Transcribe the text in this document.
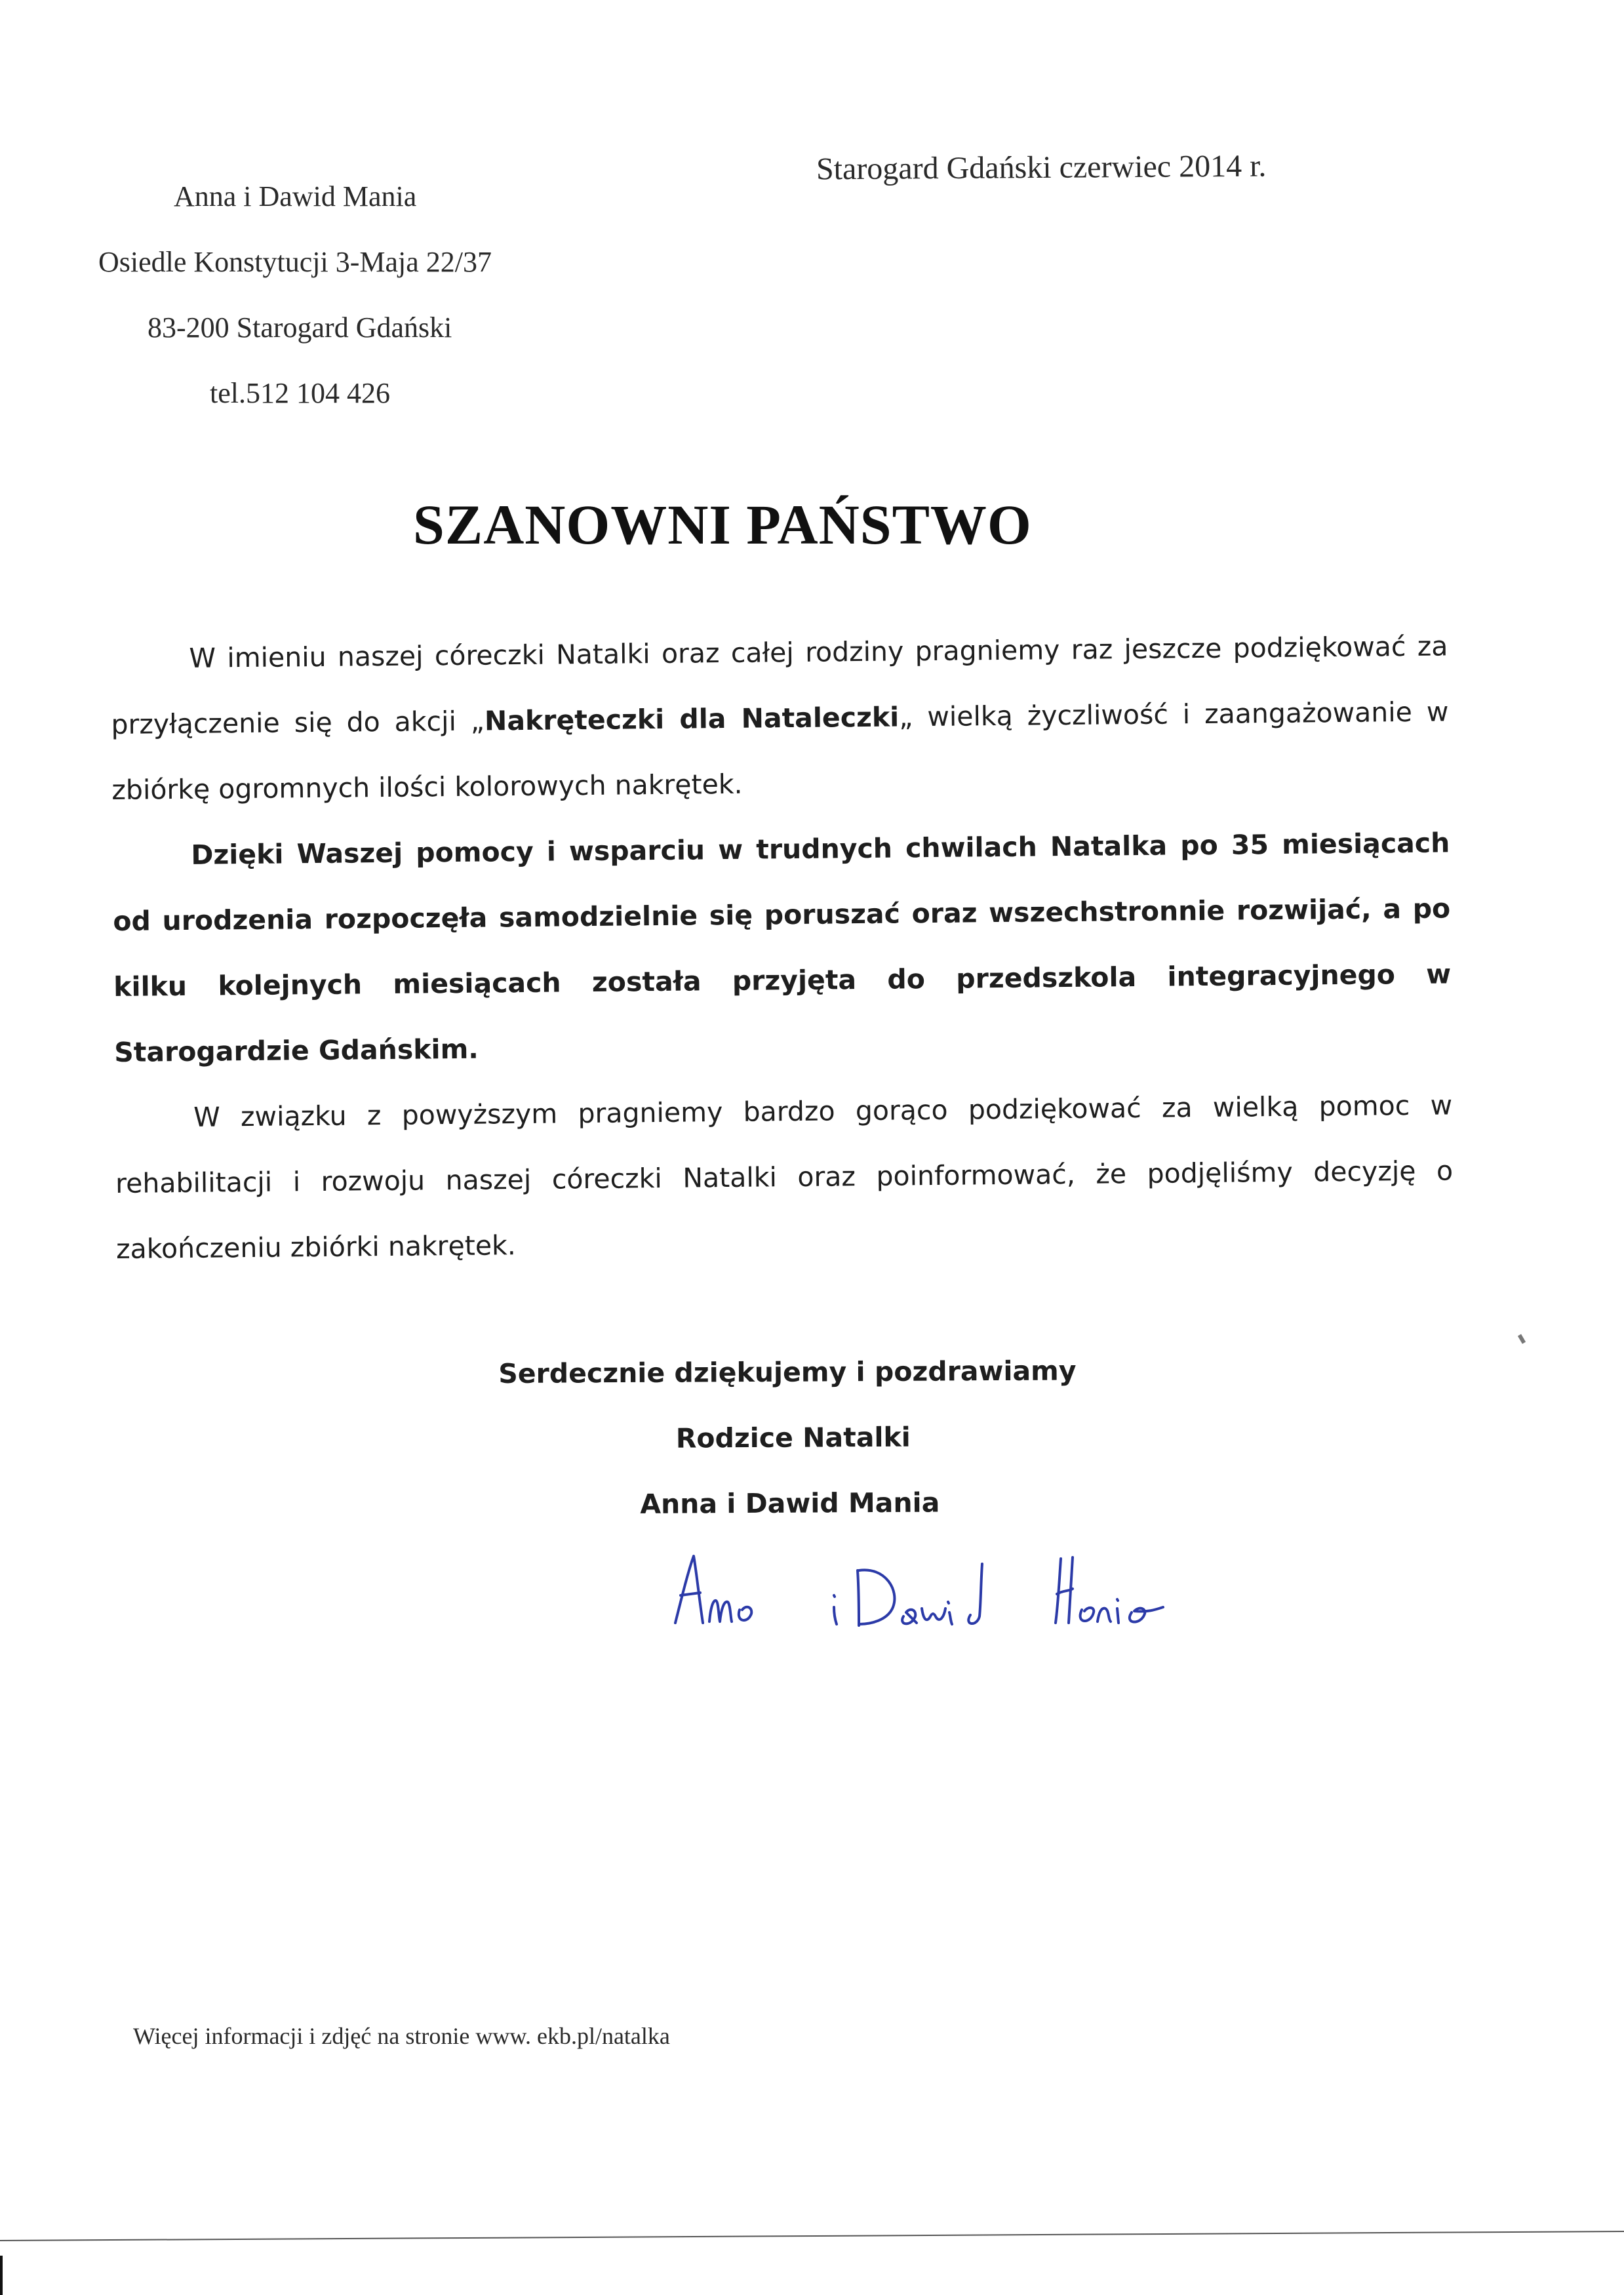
Anna i Dawid Mania
Osiedle Konstytucji 3-Maja 22/37
83-200 Starogard Gdański
tel.512 104 426
Starogard Gdański czerwiec 2014 r.
SZANOWNI PAŃSTWO

W imieniu naszej córeczki Natalki oraz całej rodziny pragniemy raz jeszcze podziękować za przyłączenie się do akcji „Nakręteczki dla Nataleczki„ wielką życzliwość i zaangażowanie w zbiórkę ogromnych ilości kolorowych nakrętek.

Dzięki Waszej pomocy i wsparciu w trudnych chwilach Natalka po 35 miesiącach od urodzenia rozpoczęła samodzielnie się poruszać oraz wszechstronnie rozwijać, a po kilku kolejnych miesiącach została przyjęta do przedszkola integracyjnego w Starogardzie Gdańskim.

W związku z powyższym pragniemy bardzo gorąco podziękować za wielką pomoc w rehabilitacji i rozwoju naszej córeczki Natalki oraz poinformować, że podjęliśmy decyzję o zakończeniu zbiórki nakrętek.

Serdecznie dziękujemy i pozdrawiamy
Rodzice Natalki
Anna i Dawid Mania
Więcej informacji i zdjęć na stronie www. ekb.pl/natalka
